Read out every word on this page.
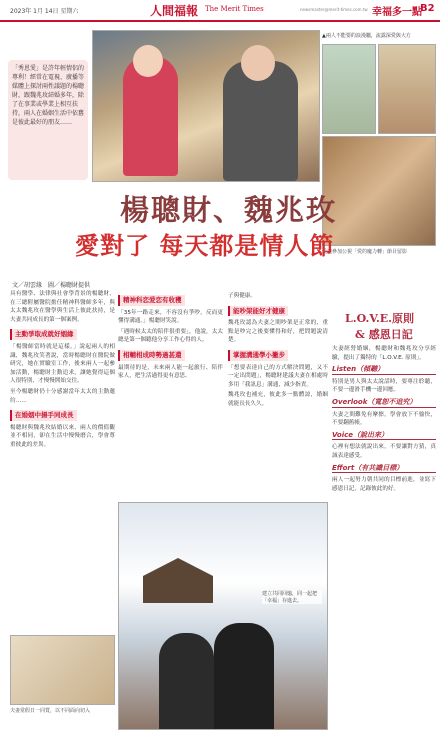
2023年 1月 14日 星期六	人間福報 The Merit Times	newsmaster@merit-times.com.tw 幸福多一點
B2
「秀恩愛」是許年輕情侶的專利！經常在電視、廣播等媒體上探討兩性議題的楊聰財，跟魏兆玫結婚多年，除了在事業或學業上相互扶持，兩人在婚姻生活中依舊是彼此最好的朋友……
▲兩人不能要的浪漫屬，流露深愛與大方
受邀參加公視「愛的魔力轉」節目留影
楊聰財、魏兆玫
愛對了 每天都是情人節
文／胡雲緣　圖／楊聰財提供

具有醫學、法律與社會學背景的楊聰財，在三總附屬醫院擔任精神科醫師多年，與太太魏兆玫在醫學與生活上彼此扶持，是夫妻共同成長的第一個案例。

主動爭取成就好姻緣

「楊醫師當時就是這樣。」說起兩人的相識，魏兆玫笑著說，當時楊聰財在醫院做研究，她在實驗室工作，後來兩人一起參加活動，楊聰財主動追求，讓她覺得這個人很特別，才慢慢開始交往。

至今楊聰財仍十分感謝當年太太的主動邀約……

在婚姻中揚手同成長

楊聰財與魏兆玫結婚以來，兩人的價值觀並不相同，卻在生活中慢慢磨合，學會尊重彼此的差異。

夫妻常假日一同賞，以不同面向切入
精神科恋爱恋有收穫

「35年一路走來，不容沒有爭吵，反而更懂得溝通。」楊聰財笑說。

「遇時候太太的陪伴很重要」，他說，太太總是第一個聽他分享工作心得的人。

相輔相成時勢過甚還

最期待的是，未來兩人能一起旅行、陪伴家人，把生活過得更有意思。

子與健康。

能吵架能好才健康

魏兆玫認為夫妻之間吵架是正常的，重點是吵完之後要懂得和好，把問題說清楚。

掌握溝通學小撇步

「想要表達自己的方式解決問題，又不一定出問題」，楊聰財建議夫妻在相處時多用「我訊息」溝通，減少指責。

魏兆玫也補充，彼此多一點體諒，婚姻就能長長久久。

建立共同回憶，同一起把「幸福」存進去。
L.O.V.E.原則
& 感恩日記

夫妻經營婚姻，楊聰財和魏兆玫分享經驗，提出了獨特的「L.O.V.E. 原則」。

Listen（傾聽）

特別是男人與太太說話時，要專注聆聽，不要一邊滑手機一邊回應。

Overlook（寬恕不追究）

夫妻之間難免有摩擦，學會放下不愉快，不要翻舊帳。

Voice（說出來）

心裡有想法就說出來，不要讓對方猜，真誠表達感受。

Effort（有共識目標）

兩人一起努力朝共同的目標前進，並寫下感恩日記，記錄彼此的好。
